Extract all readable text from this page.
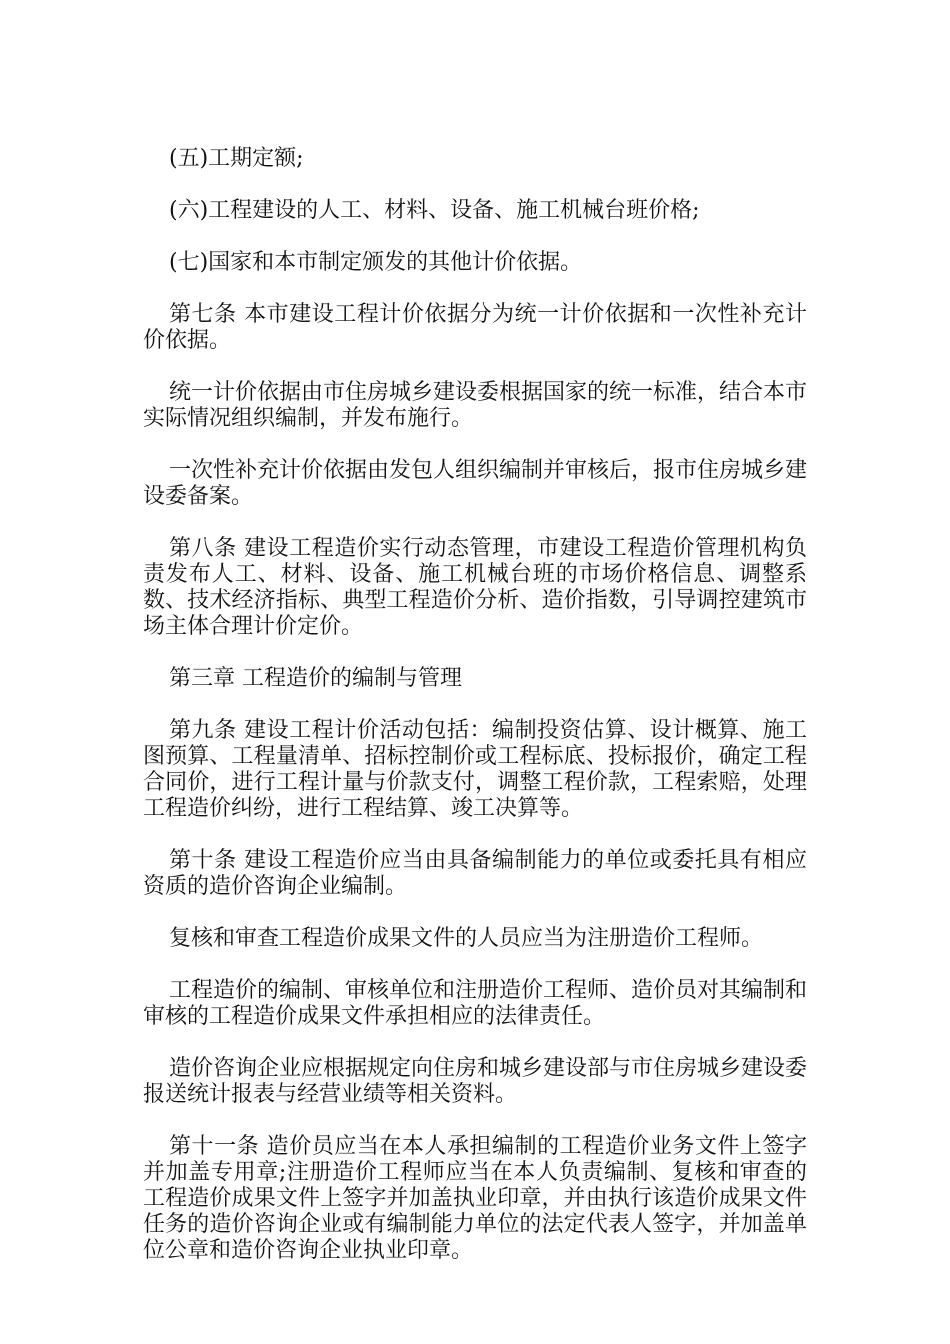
(五)工期定额;

(六)工程建设的人工、材料、设备、施工机械台班价格;

(七)国家和本市制定颁发的其他计价依据。

第七条 本市建设工程计价依据分为统一计价依据和一次性补充计价依据。

统一计价依据由市住房城乡建设委根据国家的统一标准，结合本市实际情况组织编制，并发布施行。

一次性补充计价依据由发包人组织编制并审核后，报市住房城乡建设委备案。

第八条 建设工程造价实行动态管理，市建设工程造价管理机构负责发布人工、材料、设备、施工机械台班的市场价格信息、调整系数、技术经济指标、典型工程造价分析、造价指数，引导调控建筑市场主体合理计价定价。

第三章 工程造价的编制与管理

第九条 建设工程计价活动包括：编制投资估算、设计概算、施工图预算、工程量清单、招标控制价或工程标底、投标报价，确定工程合同价，进行工程计量与价款支付，调整工程价款，工程索赔，处理工程造价纠纷，进行工程结算、竣工决算等。

第十条 建设工程造价应当由具备编制能力的单位或委托具有相应资质的造价咨询企业编制。

复核和审查工程造价成果文件的人员应当为注册造价工程师。

工程造价的编制、审核单位和注册造价工程师、造价员对其编制和审核的工程造价成果文件承担相应的法律责任。

造价咨询企业应根据规定向住房和城乡建设部与市住房城乡建设委报送统计报表与经营业绩等相关资料。

第十一条 造价员应当在本人承担编制的工程造价业务文件上签字并加盖专用章;注册造价工程师应当在本人负责编制、复核和审查的工程造价成果文件上签字并加盖执业印章，并由执行该造价成果文件任务的造价咨询企业或有编制能力单位的法定代表人签字，并加盖单位公章和造价咨询企业执业印章。
